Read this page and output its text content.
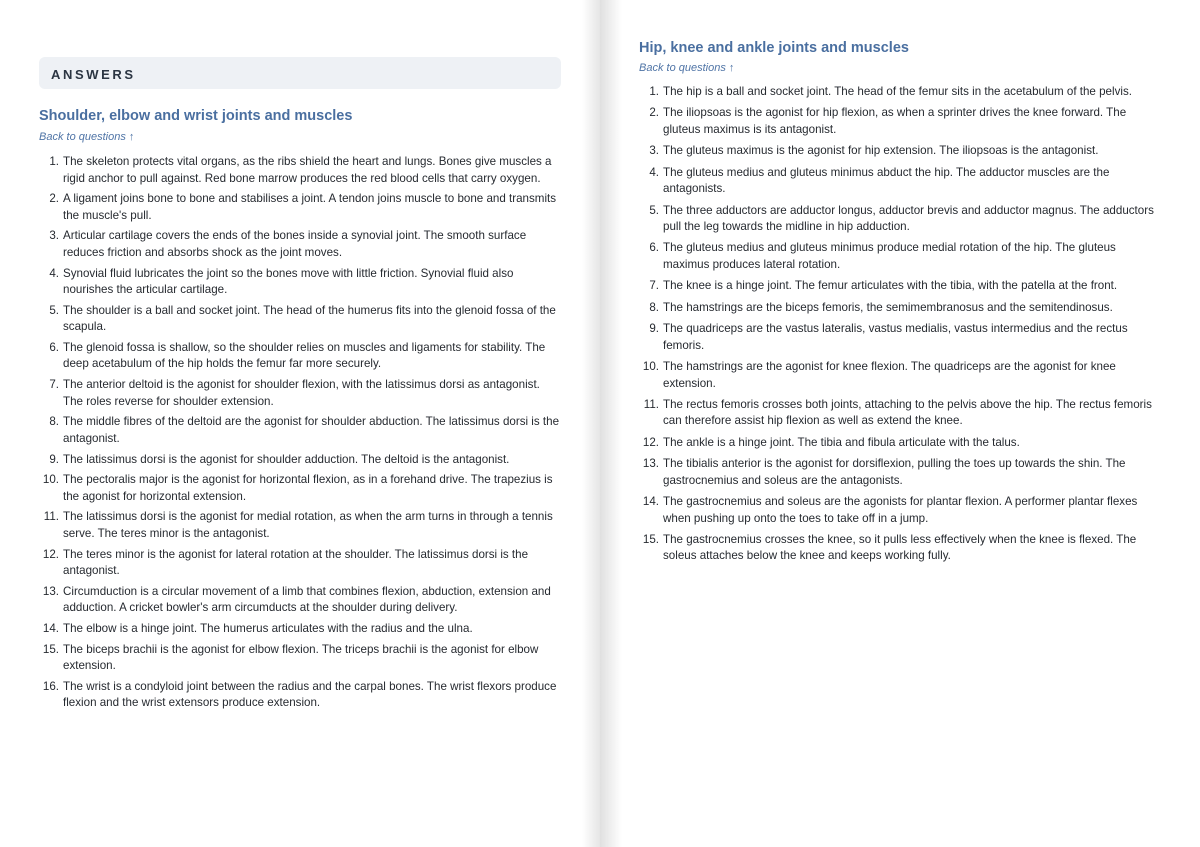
ANSWERS
Shoulder, elbow and wrist joints and muscles
Back to questions ↑
1. The skeleton protects vital organs, as the ribs shield the heart and lungs. Bones give muscles a rigid anchor to pull against. Red bone marrow produces the red blood cells that carry oxygen.
2. A ligament joins bone to bone and stabilises a joint. A tendon joins muscle to bone and transmits the muscle's pull.
3. Articular cartilage covers the ends of the bones inside a synovial joint. The smooth surface reduces friction and absorbs shock as the joint moves.
4. Synovial fluid lubricates the joint so the bones move with little friction. Synovial fluid also nourishes the articular cartilage.
5. The shoulder is a ball and socket joint. The head of the humerus fits into the glenoid fossa of the scapula.
6. The glenoid fossa is shallow, so the shoulder relies on muscles and ligaments for stability. The deep acetabulum of the hip holds the femur far more securely.
7. The anterior deltoid is the agonist for shoulder flexion, with the latissimus dorsi as antagonist. The roles reverse for shoulder extension.
8. The middle fibres of the deltoid are the agonist for shoulder abduction. The latissimus dorsi is the antagonist.
9. The latissimus dorsi is the agonist for shoulder adduction. The deltoid is the antagonist.
10. The pectoralis major is the agonist for horizontal flexion, as in a forehand drive. The trapezius is the agonist for horizontal extension.
11. The latissimus dorsi is the agonist for medial rotation, as when the arm turns in through a tennis serve. The teres minor is the antagonist.
12. The teres minor is the agonist for lateral rotation at the shoulder. The latissimus dorsi is the antagonist.
13. Circumduction is a circular movement of a limb that combines flexion, abduction, extension and adduction. A cricket bowler's arm circumducts at the shoulder during delivery.
14. The elbow is a hinge joint. The humerus articulates with the radius and the ulna.
15. The biceps brachii is the agonist for elbow flexion. The triceps brachii is the agonist for elbow extension.
16. The wrist is a condyloid joint between the radius and the carpal bones. The wrist flexors produce flexion and the wrist extensors produce extension.
Hip, knee and ankle joints and muscles
Back to questions ↑
1. The hip is a ball and socket joint. The head of the femur sits in the acetabulum of the pelvis.
2. The iliopsoas is the agonist for hip flexion, as when a sprinter drives the knee forward. The gluteus maximus is its antagonist.
3. The gluteus maximus is the agonist for hip extension. The iliopsoas is the antagonist.
4. The gluteus medius and gluteus minimus abduct the hip. The adductor muscles are the antagonists.
5. The three adductors are adductor longus, adductor brevis and adductor magnus. The adductors pull the leg towards the midline in hip adduction.
6. The gluteus medius and gluteus minimus produce medial rotation of the hip. The gluteus maximus produces lateral rotation.
7. The knee is a hinge joint. The femur articulates with the tibia, with the patella at the front.
8. The hamstrings are the biceps femoris, the semimembranosus and the semitendinosus.
9. The quadriceps are the vastus lateralis, vastus medialis, vastus intermedius and the rectus femoris.
10. The hamstrings are the agonist for knee flexion. The quadriceps are the agonist for knee extension.
11. The rectus femoris crosses both joints, attaching to the pelvis above the hip. The rectus femoris can therefore assist hip flexion as well as extend the knee.
12. The ankle is a hinge joint. The tibia and fibula articulate with the talus.
13. The tibialis anterior is the agonist for dorsiflexion, pulling the toes up towards the shin. The gastrocnemius and soleus are the antagonists.
14. The gastrocnemius and soleus are the agonists for plantar flexion. A performer plantar flexes when pushing up onto the toes to take off in a jump.
15. The gastrocnemius crosses the knee, so it pulls less effectively when the knee is flexed. The soleus attaches below the knee and keeps working fully.
